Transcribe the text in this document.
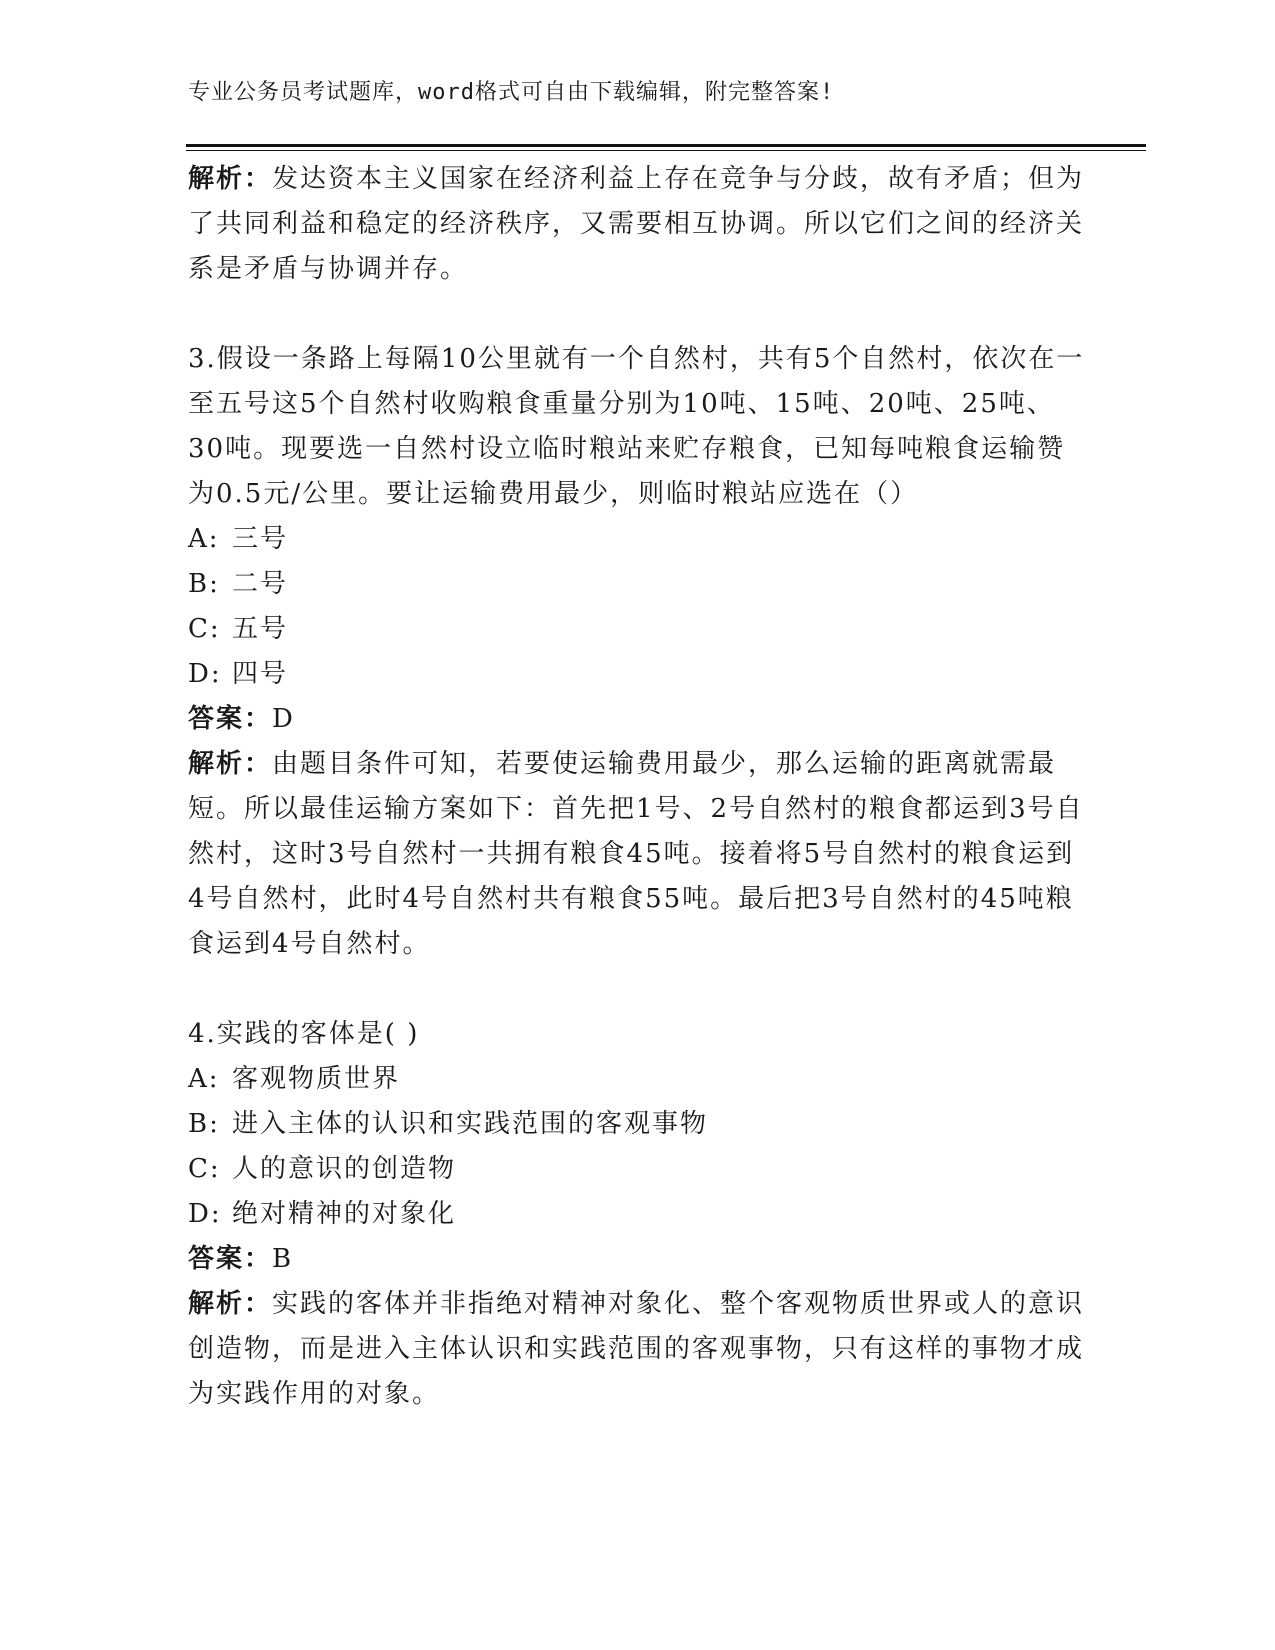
专业公务员考试题库，word格式可自由下载编辑，附完整答案!

解析：发达资本主义国家在经济利益上存在竞争与分歧，故有矛盾；但为了共同利益和稳定的经济秩序，又需要相互协调。所以它们之间的经济关系是矛盾与协调并存。

3.假设一条路上每隔10公里就有一个自然村，共有5个自然村，依次在一至五号这5个自然村收购粮食重量分别为10吨、15吨、20吨、25吨、30吨。现要选一自然村设立临时粮站来贮存粮食，已知每吨粮食运输赞为0.5元/公里。要让运输费用最少，则临时粮站应选在（）

A: 三号

B: 二号

C: 五号

D: 四号

答案：D

解析：由题目条件可知，若要使运输费用最少，那么运输的距离就需最短。所以最佳运输方案如下：首先把1号、2号自然村的粮食都运到3号自然村，这时3号自然村一共拥有粮食45吨。接着将5号自然村的粮食运到4号自然村，此时4号自然村共有粮食55吨。最后把3号自然村的45吨粮食运到4号自然村。

4.实践的客体是( )

A: 客观物质世界

B: 进入主体的认识和实践范围的客观事物

C: 人的意识的创造物

D: 绝对精神的对象化

答案：B

解析：实践的客体并非指绝对精神对象化、整个客观物质世界或人的意识创造物，而是进入主体认识和实践范围的客观事物，只有这样的事物才成为实践作用的对象。
